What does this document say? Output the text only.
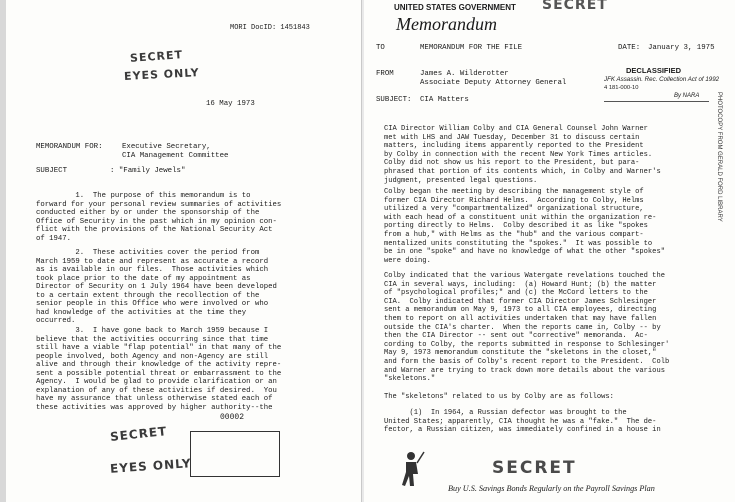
MORI DocID: 1451843
SECRET
EYES ONLY
16 May 1973
MEMORANDUM FOR:	Executive Secretary,
CIA Management Committee
SUBJECT	: "Family Jewels"
1.  The purpose of this memorandum is to
forward for your personal review summaries of activities
conducted either by or under the sponsorship of the
Office of Security in the past which in my opinion con-
flict with the provisions of the National Security Act
of 1947.
2.  These activities cover the period from
March 1959 to date and represent as accurate a record
as is available in our files.  Those activities which
took place prior to the date of my appointment as
Director of Security on 1 July 1964 have been developed
to a certain extent through the recollection of the
senior people in this Office who were involved or who
had knowledge of the activities at the time they
occurred.
3.  I have gone back to March 1959 because I
believe that the activities occurring since that time
still have a viable "flap potential" in that many of the
people involved, both Agency and non-Agency are still
alive and through their knowledge of the activity repre-
sent a possible potential threat or embarrassment to the
Agency.  I would be glad to provide clarification or an
explanation of any of these activities if desired.  You
have my assurance that unless otherwise stated each of
these activities was approved by higher authority--the
00002
SECRET
EYES ONLY
SECRET
UNITED STATES GOVERNMENT
Memorandum
TO	MEMORANDUM FOR THE FILE	DATE: January 3, 1975
FROM	James A. Wilderotter
Associate Deputy Attorney General
DECLASSIFIED
JFK Assassin. Rec. Collection Act of 1992
4 181-000-10
By NARA
SUBJECT: CIA Matters	PHOTOCOPY FROM GERALD FORD LIBRARY
CIA Director William Colby and CIA General Counsel John Warner
met with LHS and JAW Tuesday, December 31 to discuss certain
matters, including items apparently reported to the President
by Colby in connection with the recent New York Times articles.
Colby did not show us his report to the President, but para-
phrased that portion of its contents which, in Colby and Warner's
judgment, presented legal questions.
Colby began the meeting by describing the management style of
former CIA Director Richard Helms.  According to Colby, Helms
utilized a very "compartmentalized" organizational structure,
with each head of a constituent unit within the organization re-
porting directly to Helms.  Colby described it as like "spokes
from a hub," with Helms as the "hub" and the various compart-
mentalized units constituting the "spokes."  It was possible to
be in one "spoke" and have no knowledge of what the other "spokes"
were doing.
Colby indicated that the various Watergate revelations touched the
CIA in several ways, including:  (a) Howard Hunt; (b) the matter
of "psychological profiles;" and (c) the McCord letters to the
CIA.  Colby indicated that former CIA Director James Schlesinger
sent a memorandum on May 9, 1973 to all CIA employees, directing
them to report on all activities undertaken that may have fallen
outside the CIA's charter.  When the reports came in, Colby -- by
then the CIA Director -- sent out "corrective" memoranda.  Ac-
cording to Colby, the reports submitted in response to Schlesinger'
May 9, 1973 memorandum constitute the "skeletons in the closet,"
and form the basis of Colby's recent report to the President.  Colb
and Warner are trying to track down more details about the various
"skeletons."
The "skeletons" related to us by Colby are as follows:
(1)  In 1964, a Russian defector was brought to the
United States; apparently, CIA thought he was a "fake."  The de-
fector, a Russian citizen, was immediately confined in a house in
SECRET
Buy U.S. Savings Bonds Regularly on the Payroll Savings Plan
